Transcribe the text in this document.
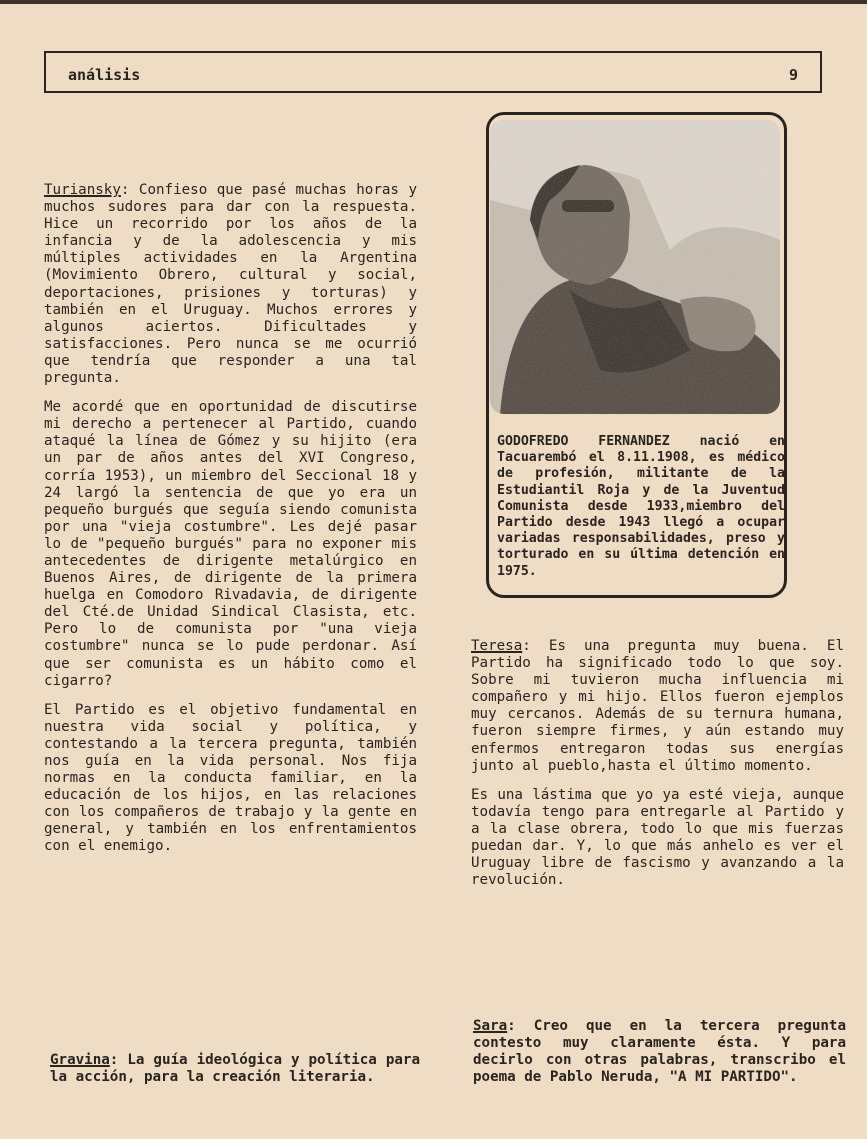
análisis	9

Turiansky: Confieso que pasé muchas horas y muchos sudores para dar con la respuesta. Hice un recorrido por los años de la infancia y de la adolescencia y mis múltiples actividades en la Argentina (Movimiento Obrero, cultural y social, deportaciones, prisiones y torturas) y también en el Uruguay. Muchos errores y algunos aciertos. Dificultades y satisfacciones. Pero nunca se me ocurrió que tendría que responder a una tal pregunta.

Me acordé que en oportunidad de discutirse mi derecho a pertenecer al Partido, cuando ataqué la línea de Gómez y su hijito (era un par de años antes del XVI Congreso, corría 1953), un miembro del Seccional 18 y 24 largó la sentencia de que yo era un pequeño burgués que seguía siendo comunista por una "vieja costumbre". Les dejé pasar lo de "pequeño burgués" para no exponer mis antecedentes de dirigente metalúrgico en Buenos Aires, de dirigente de la primera huelga en Comodoro Rivadavia, de dirigente del Cté.de Unidad Sindical Clasista, etc. Pero lo de comunista por "una vieja costumbre" nunca se lo pude perdonar. Así que ser comunista es un hábito como el cigarro?

El Partido es el objetivo fundamental en nuestra vida social y política, y contestando a la tercera pregunta, también nos guía en la vida personal. Nos fija normas en la conducta familiar, en la educación de los hijos, en las relaciones con los compañeros de trabajo y la gente en general, y también en los enfrentamientos con el enemigo.

Gravina: La guía ideológica y política para la acción, para la creación literaria.

GODOFREDO FERNANDEZ nació en Tacuarembó el 8.11.1908, es médico de profesión, militante de la Estudiantil Roja y de la Juventud Comunista desde 1933,miembro del Partido desde 1943 llegó a ocupar variadas responsabilidades, preso y torturado en su última detención en 1975.

Teresa: Es una pregunta muy buena. El Partido ha significado todo lo que soy. Sobre mi tuvieron mucha influencia mi compañero y mi hijo. Ellos fueron ejemplos muy cercanos. Además de su ternura humana, fueron siempre firmes, y aún estando muy enfermos entregaron todas sus energías junto al pueblo,hasta el último momento.

Es una lástima que yo ya esté vieja, aunque todavía tengo para entregarle al Partido y a la clase obrera, todo lo que mis fuerzas puedan dar. Y, lo que más anhelo es ver el Uruguay libre de fascismo y avanzando a la revolución.

Sara: Creo que en la tercera pregunta contesto muy claramente ésta. Y para decirlo con otras palabras, transcribo el poema de Pablo Neruda, "A MI PARTIDO".
